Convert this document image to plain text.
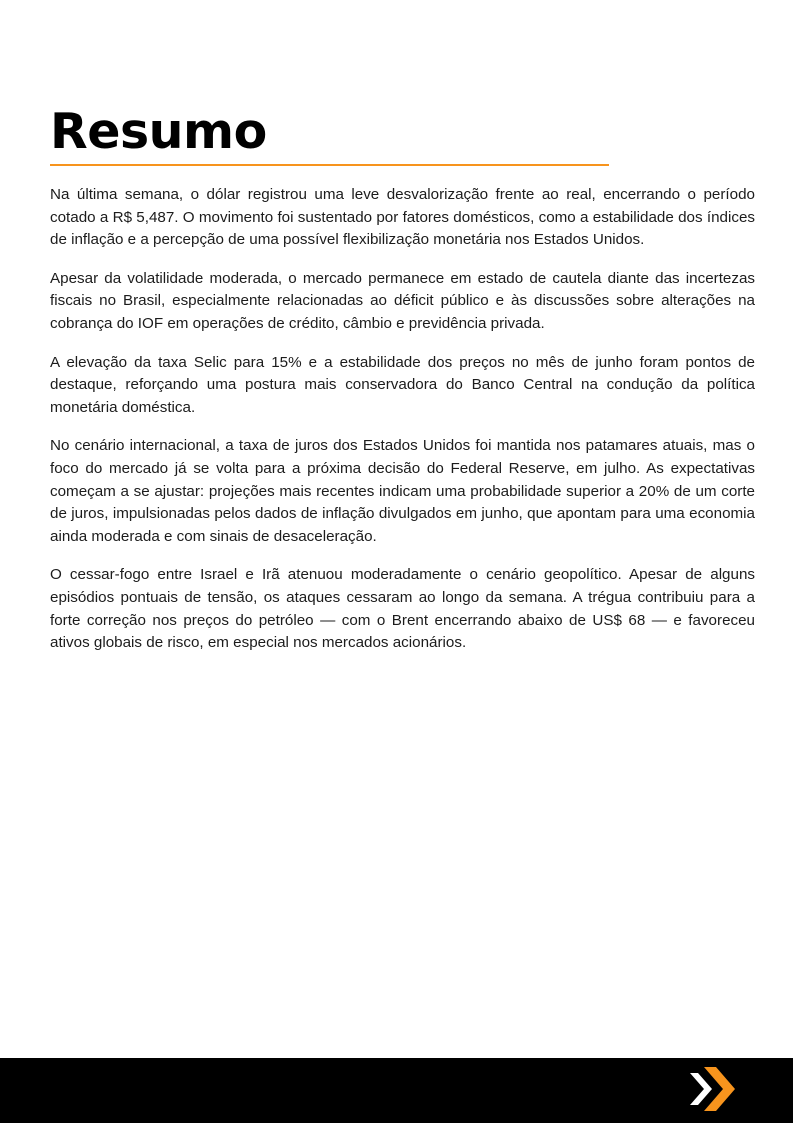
Resumo

Na última semana, o dólar registrou uma leve desvalorização frente ao real, encerrando o período cotado a R$ 5,487. O movimento foi sustentado por fatores domésticos, como a estabilidade dos índices de inflação e a percepção de uma possível flexibilização monetária nos Estados Unidos.

Apesar da volatilidade moderada, o mercado permanece em estado de cautela diante das incertezas fiscais no Brasil, especialmente relacionadas ao déficit público e às discussões sobre alterações na cobrança do IOF em operações de crédito, câmbio e previdência privada.

A elevação da taxa Selic para 15% e a estabilidade dos preços no mês de junho foram pontos de destaque, reforçando uma postura mais conservadora do Banco Central na condução da política monetária doméstica.

No cenário internacional, a taxa de juros dos Estados Unidos foi mantida nos patamares atuais, mas o foco do mercado já se volta para a próxima decisão do Federal Reserve, em julho. As expectativas começam a se ajustar: projeções mais recentes indicam uma probabilidade superior a 20% de um corte de juros, impulsionadas pelos dados de inflação divulgados em junho, que apontam para uma economia ainda moderada e com sinais de desaceleração.

O cessar-fogo entre Israel e Irã atenuou moderadamente o cenário geopolítico. Apesar de alguns episódios pontuais de tensão, os ataques cessaram ao longo da semana. A trégua contribuiu para a forte correção nos preços do petróleo — com o Brent encerrando abaixo de US$ 68 — e favoreceu ativos globais de risco, em especial nos mercados acionários.
